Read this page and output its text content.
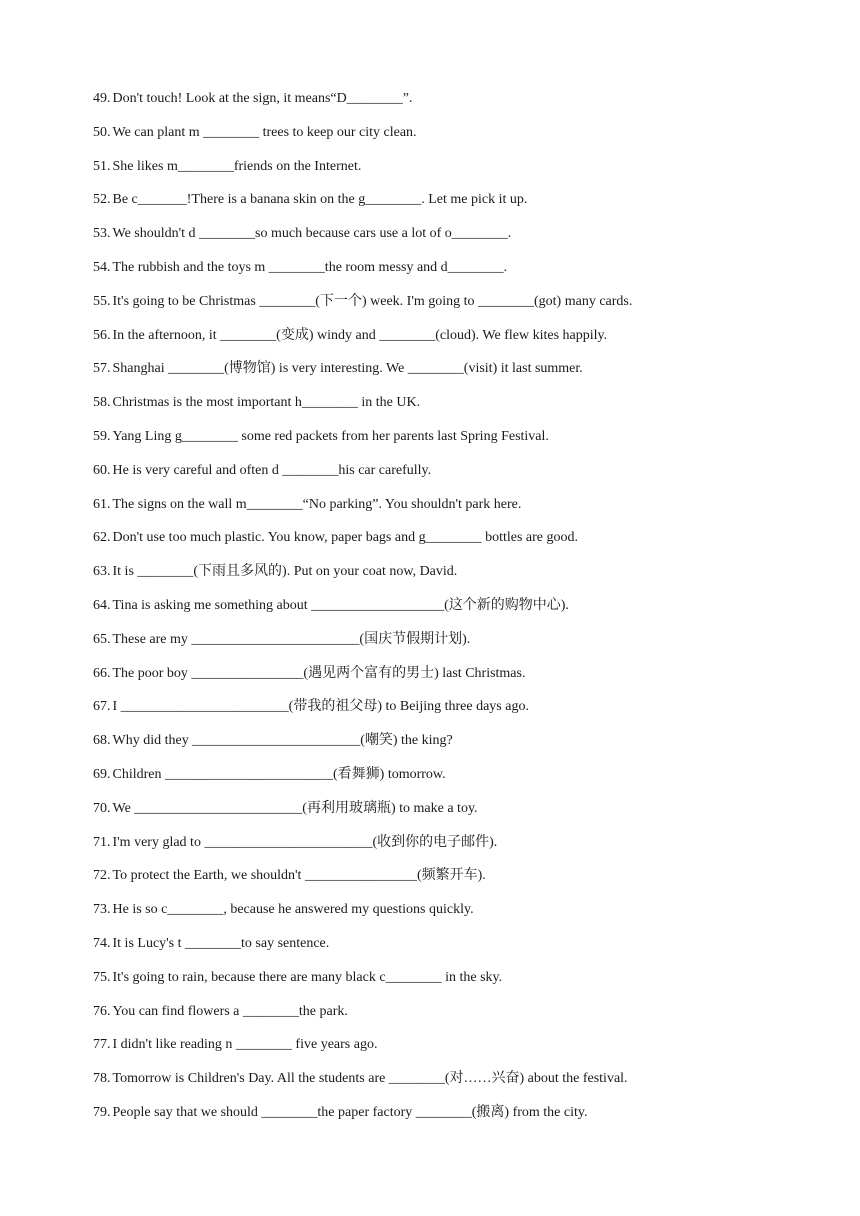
49. Don't touch! Look at the sign, it means“D________”.
50. We can plant m ________ trees to keep our city clean.
51. She likes m________friends on the Internet.
52. Be c_______!There is a banana skin on the g________. Let me pick it up.
53. We shouldn't d ________so much because cars use a lot of o________.
54. The rubbish and the toys m ________the room messy and d________.
55. It's going to be Christmas ________(下一个) week. I'm going to ________(got) many cards.
56. In the afternoon, it ________(变成) windy and ________(cloud). We flew kites happily.
57. Shanghai ________(博物馆) is very interesting. We ________(visit) it last summer.
58. Christmas is the most important h________ in the UK.
59. Yang Ling g________ some red packets from her parents last Spring Festival.
60. He is very careful and often d ________his car carefully.
61. The signs on the wall m________“No parking”. You shouldn't park here.
62. Don't use too much plastic. You know, paper bags and g________ bottles are good.
63. It is ________(下雨且多风的). Put on your coat now, David.
64. Tina is asking me something about ___________________(这个新的购物中心).
65. These are my ________________________(国庆节假期计划).
66. The poor boy ________________(遇见两个富有的男士) last Christmas.
67. I ________________________(带我的祖父母) to Beijing three days ago.
68. Why did they ________________________(嘲笑) the king?
69. Children ________________________(看舞狮) tomorrow.
70. We ________________________(再利用玻璃瓶) to make a toy.
71. I'm very glad to ________________________(收到你的电子邮件).
72. To protect the Earth, we shouldn't ________________(频繁开车).
73. He is so c________, because he answered my questions quickly.
74. It is Lucy's t ________to say sentence.
75. It's going to rain, because there are many black c________ in the sky.
76. You can find flowers a ________the park.
77. I didn't like reading n ________ five years ago.
78. Tomorrow is Children's Day. All the students are ________(对……兴奋) about the festival.
79. People say that we should ________the paper factory ________(搬离) from the city.
